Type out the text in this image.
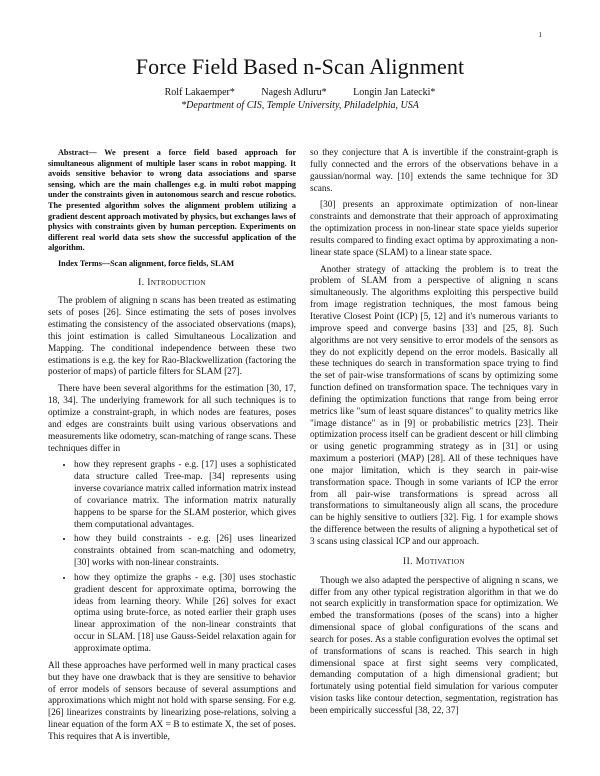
1
Force Field Based n-Scan Alignment
Rolf Lakaemper*	Nagesh Adluru*	Longin Jan Latecki*
*Department of CIS, Temple University, Philadelphia, USA

Abstract— We present a force field based approach for simultaneous alignment of multiple laser scans in robot mapping. It avoids sensitive behavior to wrong data associations and sparse sensing, which are the main challenges e.g. in multi robot mapping under the constraints given in autonomous search and rescue robotics. The presented algorithm solves the alignment problem utilizing a gradient descent approach motivated by physics, but exchanges laws of physics with constraints given by human perception. Experiments on different real world data sets show the successful application of the algorithm.

Index Terms—Scan alignment, force fields, SLAM

I. Introduction

The problem of aligning n scans has been treated as estimating sets of poses [26]. Since estimating the sets of poses involves estimating the consistency of the associated observations (maps), this joint estimation is called Simultaneous Localization and Mapping. The conditional independence between these two estimations is e.g. the key for Rao-Blackwellization (factoring the posterior of maps) of particle filters for SLAM [27].

There have been several algorithms for the estimation [30, 17, 18, 34]. The underlying framework for all such techniques is to optimize a constraint-graph, in which nodes are features, poses and edges are constraints built using various observations and measurements like odometry, scan-matching of range scans. These techniques differ in

• how they represent graphs - e.g. [17] uses a sophisticated data structure called Tree-map. [34] represents using inverse covariance matrix called information matrix instead of covariance matrix. The information matrix naturally happens to be sparse for the SLAM posterior, which gives them computational advantages.
• how they build constraints - e.g. [26] uses linearized constraints obtained from scan-matching and odometry, [30] works with non-linear constraints.
• how they optimize the graphs - e.g. [30] uses stochastic gradient descent for approximate optima, borrowing the ideas from learning theory. While [26] solves for exact optima using brute-force, as noted earlier their graph uses linear approximation of the non-linear constraints that occur in SLAM. [18] use Gauss-Seidel relaxation again for approximate optima.

All these approaches have performed well in many practical cases but they have one drawback that is they are sensitive to behavior of error models of sensors because of several assumptions and approximations which might not hold with sparse sensing. For e.g. [26] linearizes constraints by linearizing pose-relations, solving a linear equation of the form AX = B to estimate X, the set of poses. This requires that A is invertible,

so they conjecture that A is invertible if the constraint-graph is fully connected and the errors of the observations behave in a gaussian/normal way. [10] extends the same technique for 3D scans.

[30] presents an approximate optimization of non-linear constraints and demonstrate that their approach of approximating the optimization process in non-linear state space yields superior results compared to finding exact optima by approximating a non-linear state space (SLAM) to a linear state space.

Another strategy of attacking the problem is to treat the problem of SLAM from a perspective of aligning n scans simultaneously. The algorithms exploiting this perspective build from image registration techniques, the most famous being Iterative Closest Point (ICP) [5, 12] and it's numerous variants to improve speed and converge basins [33] and [25, 8]. Such algorithms are not very sensitive to error models of the sensors as they do not explicitly depend on the error models. Basically all these techniques do search in transformation space trying to find the set of pair-wise transformations of scans by optimizing some function defined on transformation space. The techniques vary in defining the optimization functions that range from being error metrics like "sum of least square distances" to quality metrics like "image distance" as in [9] or probabilistic metrics [23]. Their optimization process itself can be gradient descent or hill climbing or using genetic programming strategy as in [31] or using maximum a posteriori (MAP) [28]. All of these techniques have one major limitation, which is they search in pair-wise transformation space. Though in some variants of ICP the error from all pair-wise transformations is spread across all transformations to simultaneously align all scans, the procedure can be highly sensitive to outliers [32]. Fig. 1 for example shows the difference between the results of aligning a hypothetical set of 3 scans using classical ICP and our approach.

II. Motivation

Though we also adapted the perspective of aligning n scans, we differ from any other typical registration algorithm in that we do not search explicitly in transformation space for optimization. We embed the transformations (poses of the scans) into a higher dimensional space of global configurations of the scans and search for poses. As a stable configuration evolves the optimal set of transformations of scans is reached. This search in high dimensional space at first sight seems very complicated, demanding computation of a high dimensional gradient; but fortunately using potential field simulation for various computer vision tasks like contour detection, segmentation, registration has been empirically successful [38, 22, 37]
